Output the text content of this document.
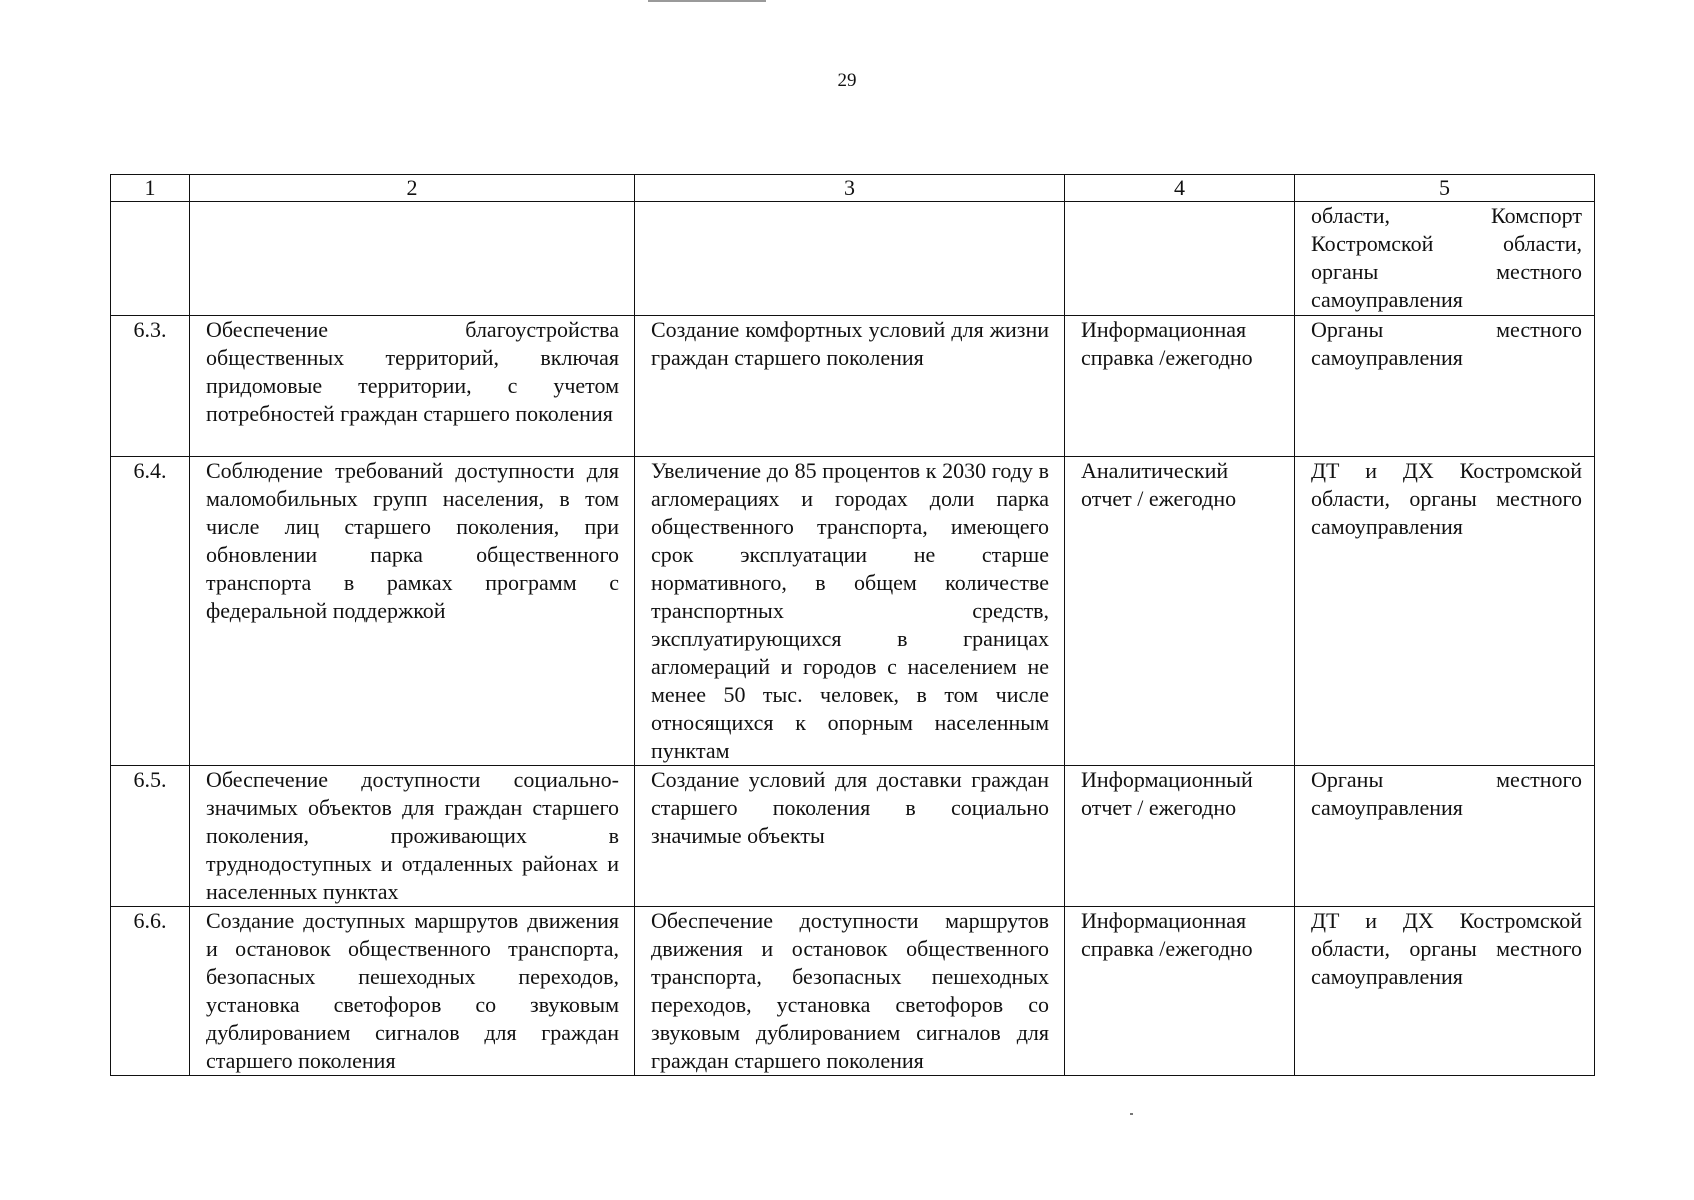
29
1	2	3	4	5
				области, Комспорт Костромской области, органы местного самоуправления
6.3.	Обеспечение благоустройства общественных территорий, включая придомовые территории, с учетом потребностей граждан старшего поколения	Создание комфортных условий для жизни граждан старшего поколения	Информационная справка /ежегодно	Органы местного самоуправления
6.4.	Соблюдение требований доступности для маломобильных групп населения, в том числе лиц старшего поколения, при обновлении парка общественного транспорта в рамках программ с федеральной поддержкой	Увеличение до 85 процентов к 2030 году в агломерациях и городах доли парка общественного транспорта, имеющего срок эксплуатации не старше нормативного, в общем количестве транспортных средств, эксплуатирующихся в границах агломераций и городов с населением не менее 50 тыс. человек, в том числе относящихся к опорным населенным пунктам	Аналитический отчет / ежегодно	ДТ и ДХ Костромской области, органы местного самоуправления
6.5.	Обеспечение доступности социально-значимых объектов для граждан старшего поколения, проживающих в труднодоступных и отдаленных районах и населенных пунктах	Создание условий для доставки граждан старшего поколения в социально значимые объекты	Информационный отчет / ежегодно	Органы местного самоуправления
6.6.	Создание доступных маршрутов движения и остановок общественного транспорта, безопасных пешеходных переходов, установка светофоров со звуковым дублированием сигналов для граждан старшего поколения	Обеспечение доступности маршрутов движения и остановок общественного транспорта, безопасных пешеходных переходов, установка светофоров со звуковым дублированием сигналов для граждан старшего поколения	Информационная справка /ежегодно	ДТ и ДХ Костромской области, органы местного самоуправления
